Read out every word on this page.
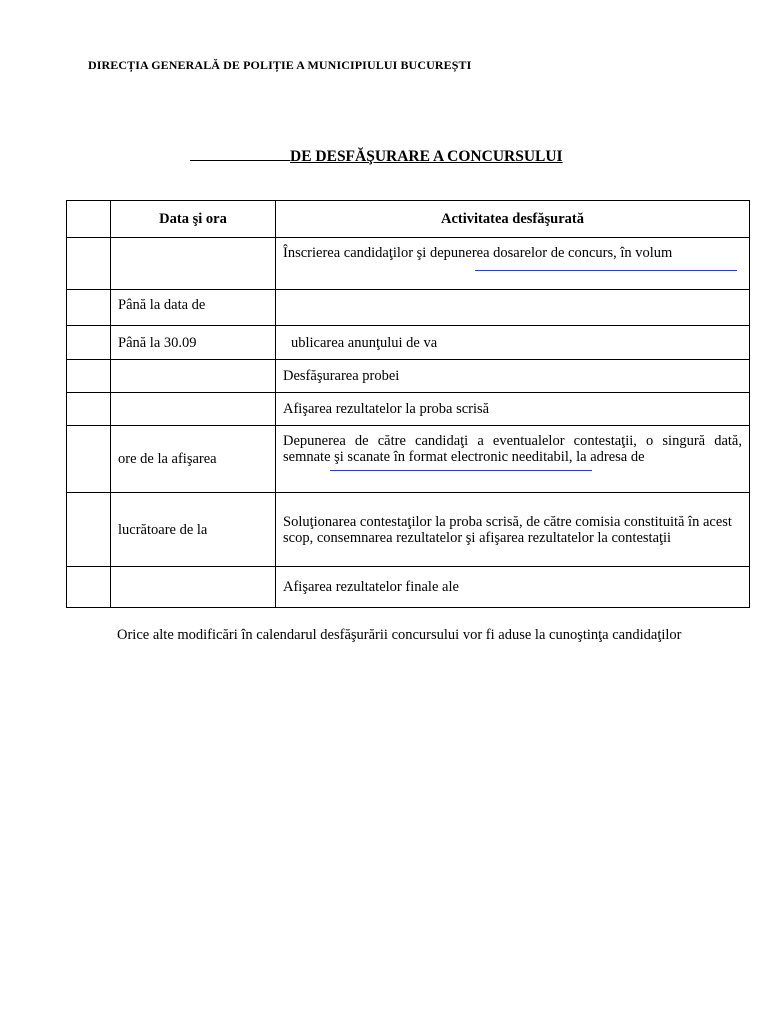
DIRECȚIA GENERALĂ DE POLIȚIE A MUNICIPIULUI BUCUREȘTI
DE DESFĂŞURARE A CONCURSULUI
	Data şi ora	Activitatea desfăşurată
		Înscrierea candidaţilor şi depunerea dosarelor de concurs, în volum

	Până la data de	
	Până la 30.09	ublicarea anunţului de va
		Desfăşurarea probei
		Afişarea rezultatelor la proba scrisă
	ore de la afişarea	Depunerea de către candidaţi a eventualelor contestaţii, o singură dată, semnate şi scanate în format electronic needitabil, la adresa de

	lucrătoare de la	Soluţionarea contestaţilor la proba scrisă, de către comisia constituită în acest scop, consemnarea rezultatelor şi afişarea rezultatelor la contestaţii
		Afişarea rezultatelor finale ale
Orice alte modificări în calendarul desfăşurării concursului vor fi aduse la cunoştinţa candidaţilor
